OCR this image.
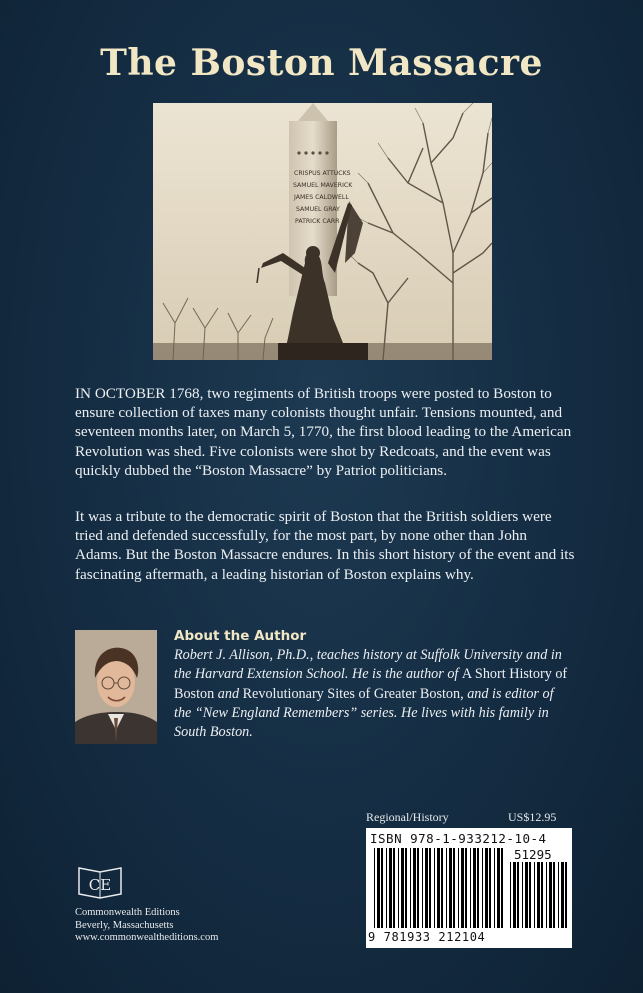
The Boston Massacre
CRISPUS ATTUCKS
SAMUEL MAVERICK
JAMES CALDWELL
SAMUEL GRAY
PATRICK CARR

IN OCTOBER 1768, two regiments of British troops were posted to Boston to ensure collection of taxes many colonists thought unfair. Tensions mounted, and seventeen months later, on March 5, 1770, the first blood leading to the American Revolution was shed. Five colonists were shot by Redcoats, and the event was quickly dubbed the “Boston Massacre” by Patriot politicians.

It was a tribute to the democratic spirit of Boston that the British soldiers were tried and defended successfully, for the most part, by none other than John Adams. But the Boston Massacre endures. In this short history of the event and its fascinating aftermath, a leading historian of Boston explains why.

About the Author
Robert J. Allison, Ph.D., teaches history at Suffolk University and in the Harvard Extension School. He is the author of A Short History of Boston and Revolutionary Sites of Greater Boston, and is editor of the “New England Remembers” series. He lives with his family in South Boston.
Regional/History	US$12.95
ISBN 978-1-933212-10-4
51295
9 781933 212104
CE
Commonwealth Editions
Beverly, Massachusetts
www.commonwealtheditions.com
